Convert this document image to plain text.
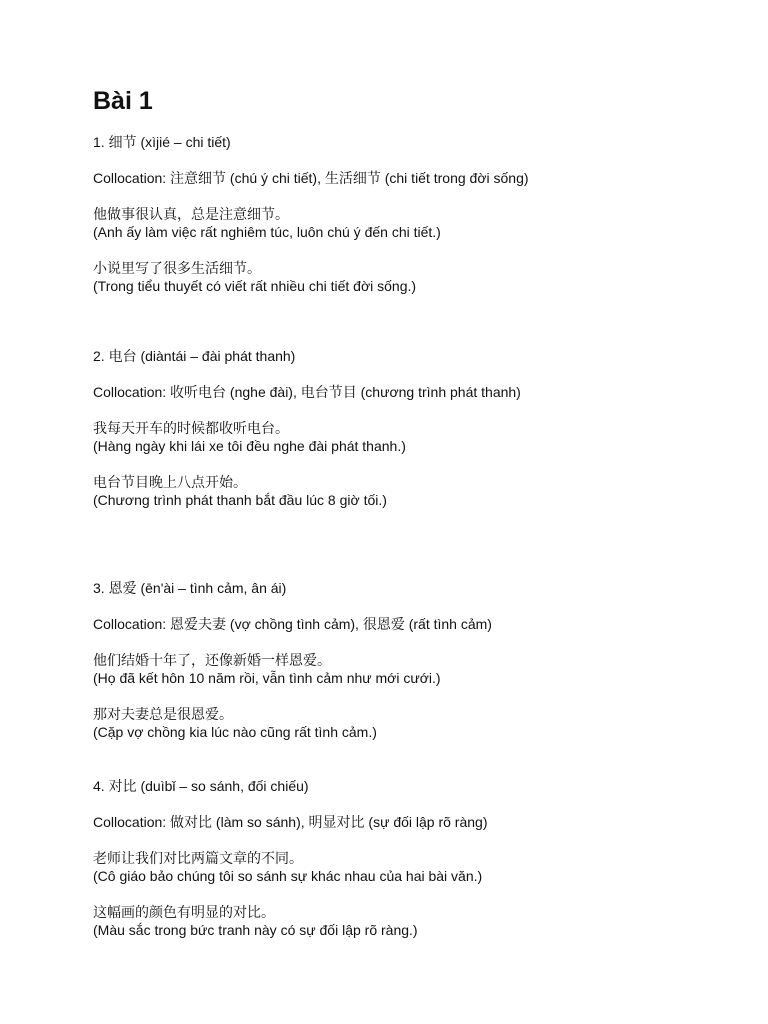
Bài 1
1. 细节 (xìjié – chi tiết)
Collocation: 注意细节 (chú ý chi tiết), 生活细节 (chi tiết trong đời sống)
他做事很认真，总是注意细节。
(Anh ấy làm việc rất nghiêm túc, luôn chú ý đến chi tiết.)
小说里写了很多生活细节。
(Trong tiểu thuyết có viết rất nhiều chi tiết đời sống.)
2. 电台 (diàntái – đài phát thanh)
Collocation: 收听电台 (nghe đài), 电台节目 (chương trình phát thanh)
我每天开车的时候都收听电台。
(Hàng ngày khi lái xe tôi đều nghe đài phát thanh.)
电台节目晚上八点开始。
(Chương trình phát thanh bắt đầu lúc 8 giờ tối.)
3. 恩爱 (ēn'ài – tình cảm, ân ái)
Collocation: 恩爱夫妻 (vợ chồng tình cảm), 很恩爱 (rất tình cảm)
他们结婚十年了，还像新婚一样恩爱。
(Họ đã kết hôn 10 năm rồi, vẫn tình cảm như mới cưới.)
那对夫妻总是很恩爱。
(Cặp vợ chồng kia lúc nào cũng rất tình cảm.)
4. 对比 (duìbǐ – so sánh, đối chiếu)
Collocation: 做对比 (làm so sánh), 明显对比 (sự đối lập rõ ràng)
老师让我们对比两篇文章的不同。
(Cô giáo bảo chúng tôi so sánh sự khác nhau của hai bài văn.)
这幅画的颜色有明显的对比。
(Màu sắc trong bức tranh này có sự đối lập rõ ràng.)
